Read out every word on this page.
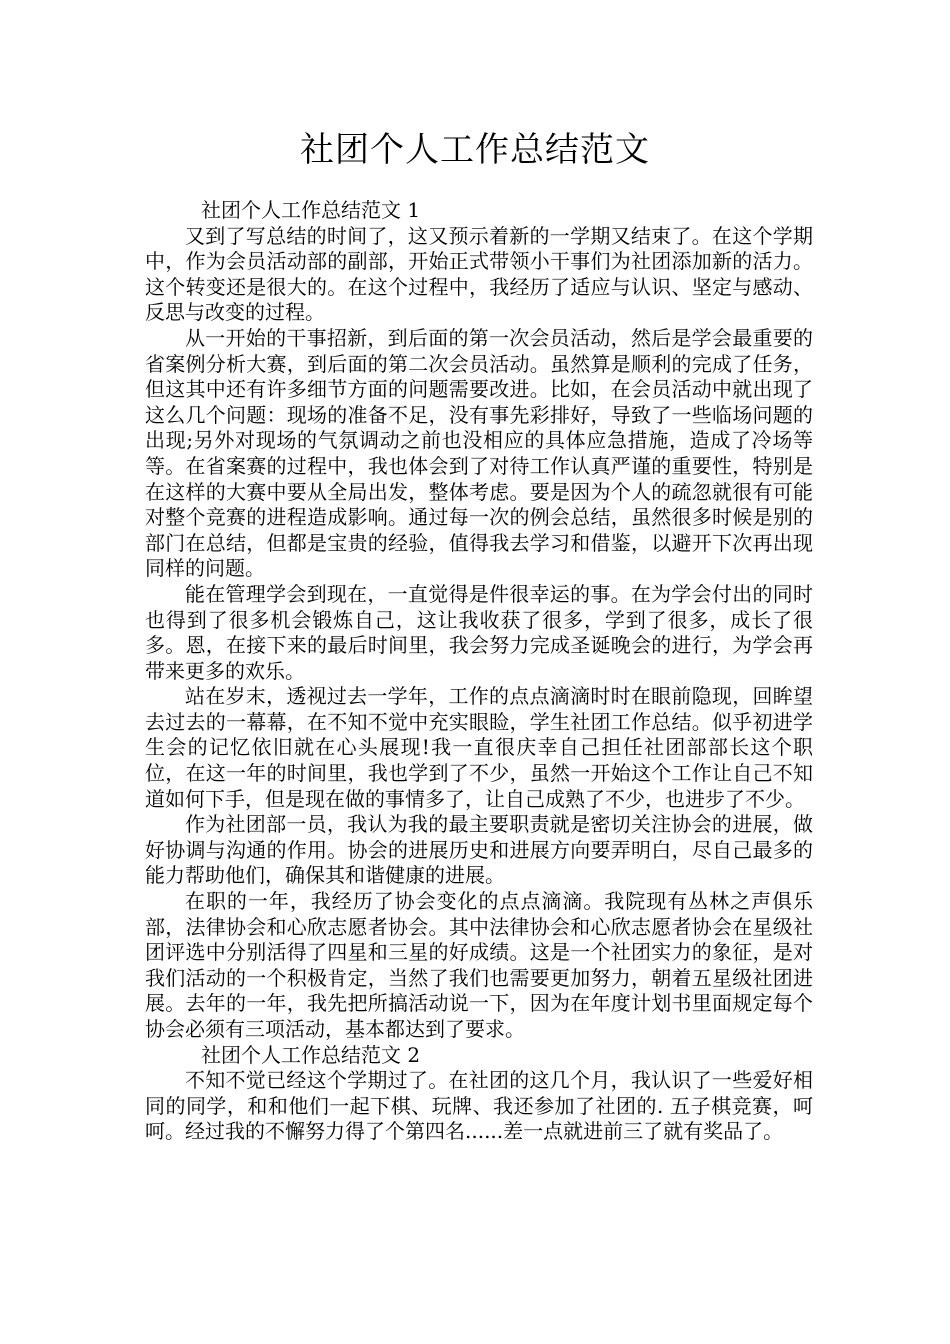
社团个人工作总结范文

社团个人工作总结范文 1

又到了写总结的时间了，这又预示着新的一学期又结束了。在这个学期中，作为会员活动部的副部，开始正式带领小干事们为社团添加新的活力。这个转变还是很大的。在这个过程中，我经历了适应与认识、坚定与感动、反思与改变的过程。

从一开始的干事招新，到后面的第一次会员活动，然后是学会最重要的省案例分析大赛，到后面的第二次会员活动。虽然算是顺利的完成了任务，但这其中还有许多细节方面的问题需要改进。比如，在会员活动中就出现了这么几个问题：现场的准备不足，没有事先彩排好，导致了一些临场问题的出现;另外对现场的气氛调动之前也没相应的具体应急措施，造成了冷场等等。在省案赛的过程中，我也体会到了对待工作认真严谨的重要性，特别是在这样的大赛中要从全局出发，整体考虑。要是因为个人的疏忽就很有可能对整个竞赛的进程造成影响。通过每一次的例会总结，虽然很多时候是别的部门在总结，但都是宝贵的经验，值得我去学习和借鉴，以避开下次再出现同样的问题。

能在管理学会到现在，一直觉得是件很幸运的事。在为学会付出的同时也得到了很多机会锻炼自己，这让我收获了很多，学到了很多，成长了很多。恩，在接下来的最后时间里，我会努力完成圣诞晚会的进行，为学会再带来更多的欢乐。

站在岁末，透视过去一学年，工作的点点滴滴时时在眼前隐现，回眸望去过去的一幕幕，在不知不觉中充实眼睑，学生社团工作总结。似乎初进学生会的记忆依旧就在心头展现!我一直很庆幸自己担任社团部部长这个职位，在这一年的时间里，我也学到了不少，虽然一开始这个工作让自己不知道如何下手，但是现在做的事情多了，让自己成熟了不少，也进步了不少。

作为社团部一员，我认为我的最主要职责就是密切关注协会的进展，做好协调与沟通的作用。协会的进展历史和进展方向要弄明白，尽自己最多的能力帮助他们，确保其和谐健康的进展。

在职的一年，我经历了协会变化的点点滴滴。我院现有丛林之声俱乐部，法律协会和心欣志愿者协会。其中法律协会和心欣志愿者协会在星级社团评选中分别活得了四星和三星的好成绩。这是一个社团实力的象征，是对我们活动的一个积极肯定，当然了我们也需要更加努力，朝着五星级社团进展。去年的一年，我先把所搞活动说一下，因为在年度计划书里面规定每个协会必须有三项活动，基本都达到了要求。

社团个人工作总结范文 2

不知不觉已经这个学期过了。在社团的这几个月，我认识了一些爱好相同的同学，和和他们一起下棋、玩牌、我还参加了社团的. 五子棋竞赛，呵呵。经过我的不懈努力得了个第四名......差一点就进前三了就有奖品了。
